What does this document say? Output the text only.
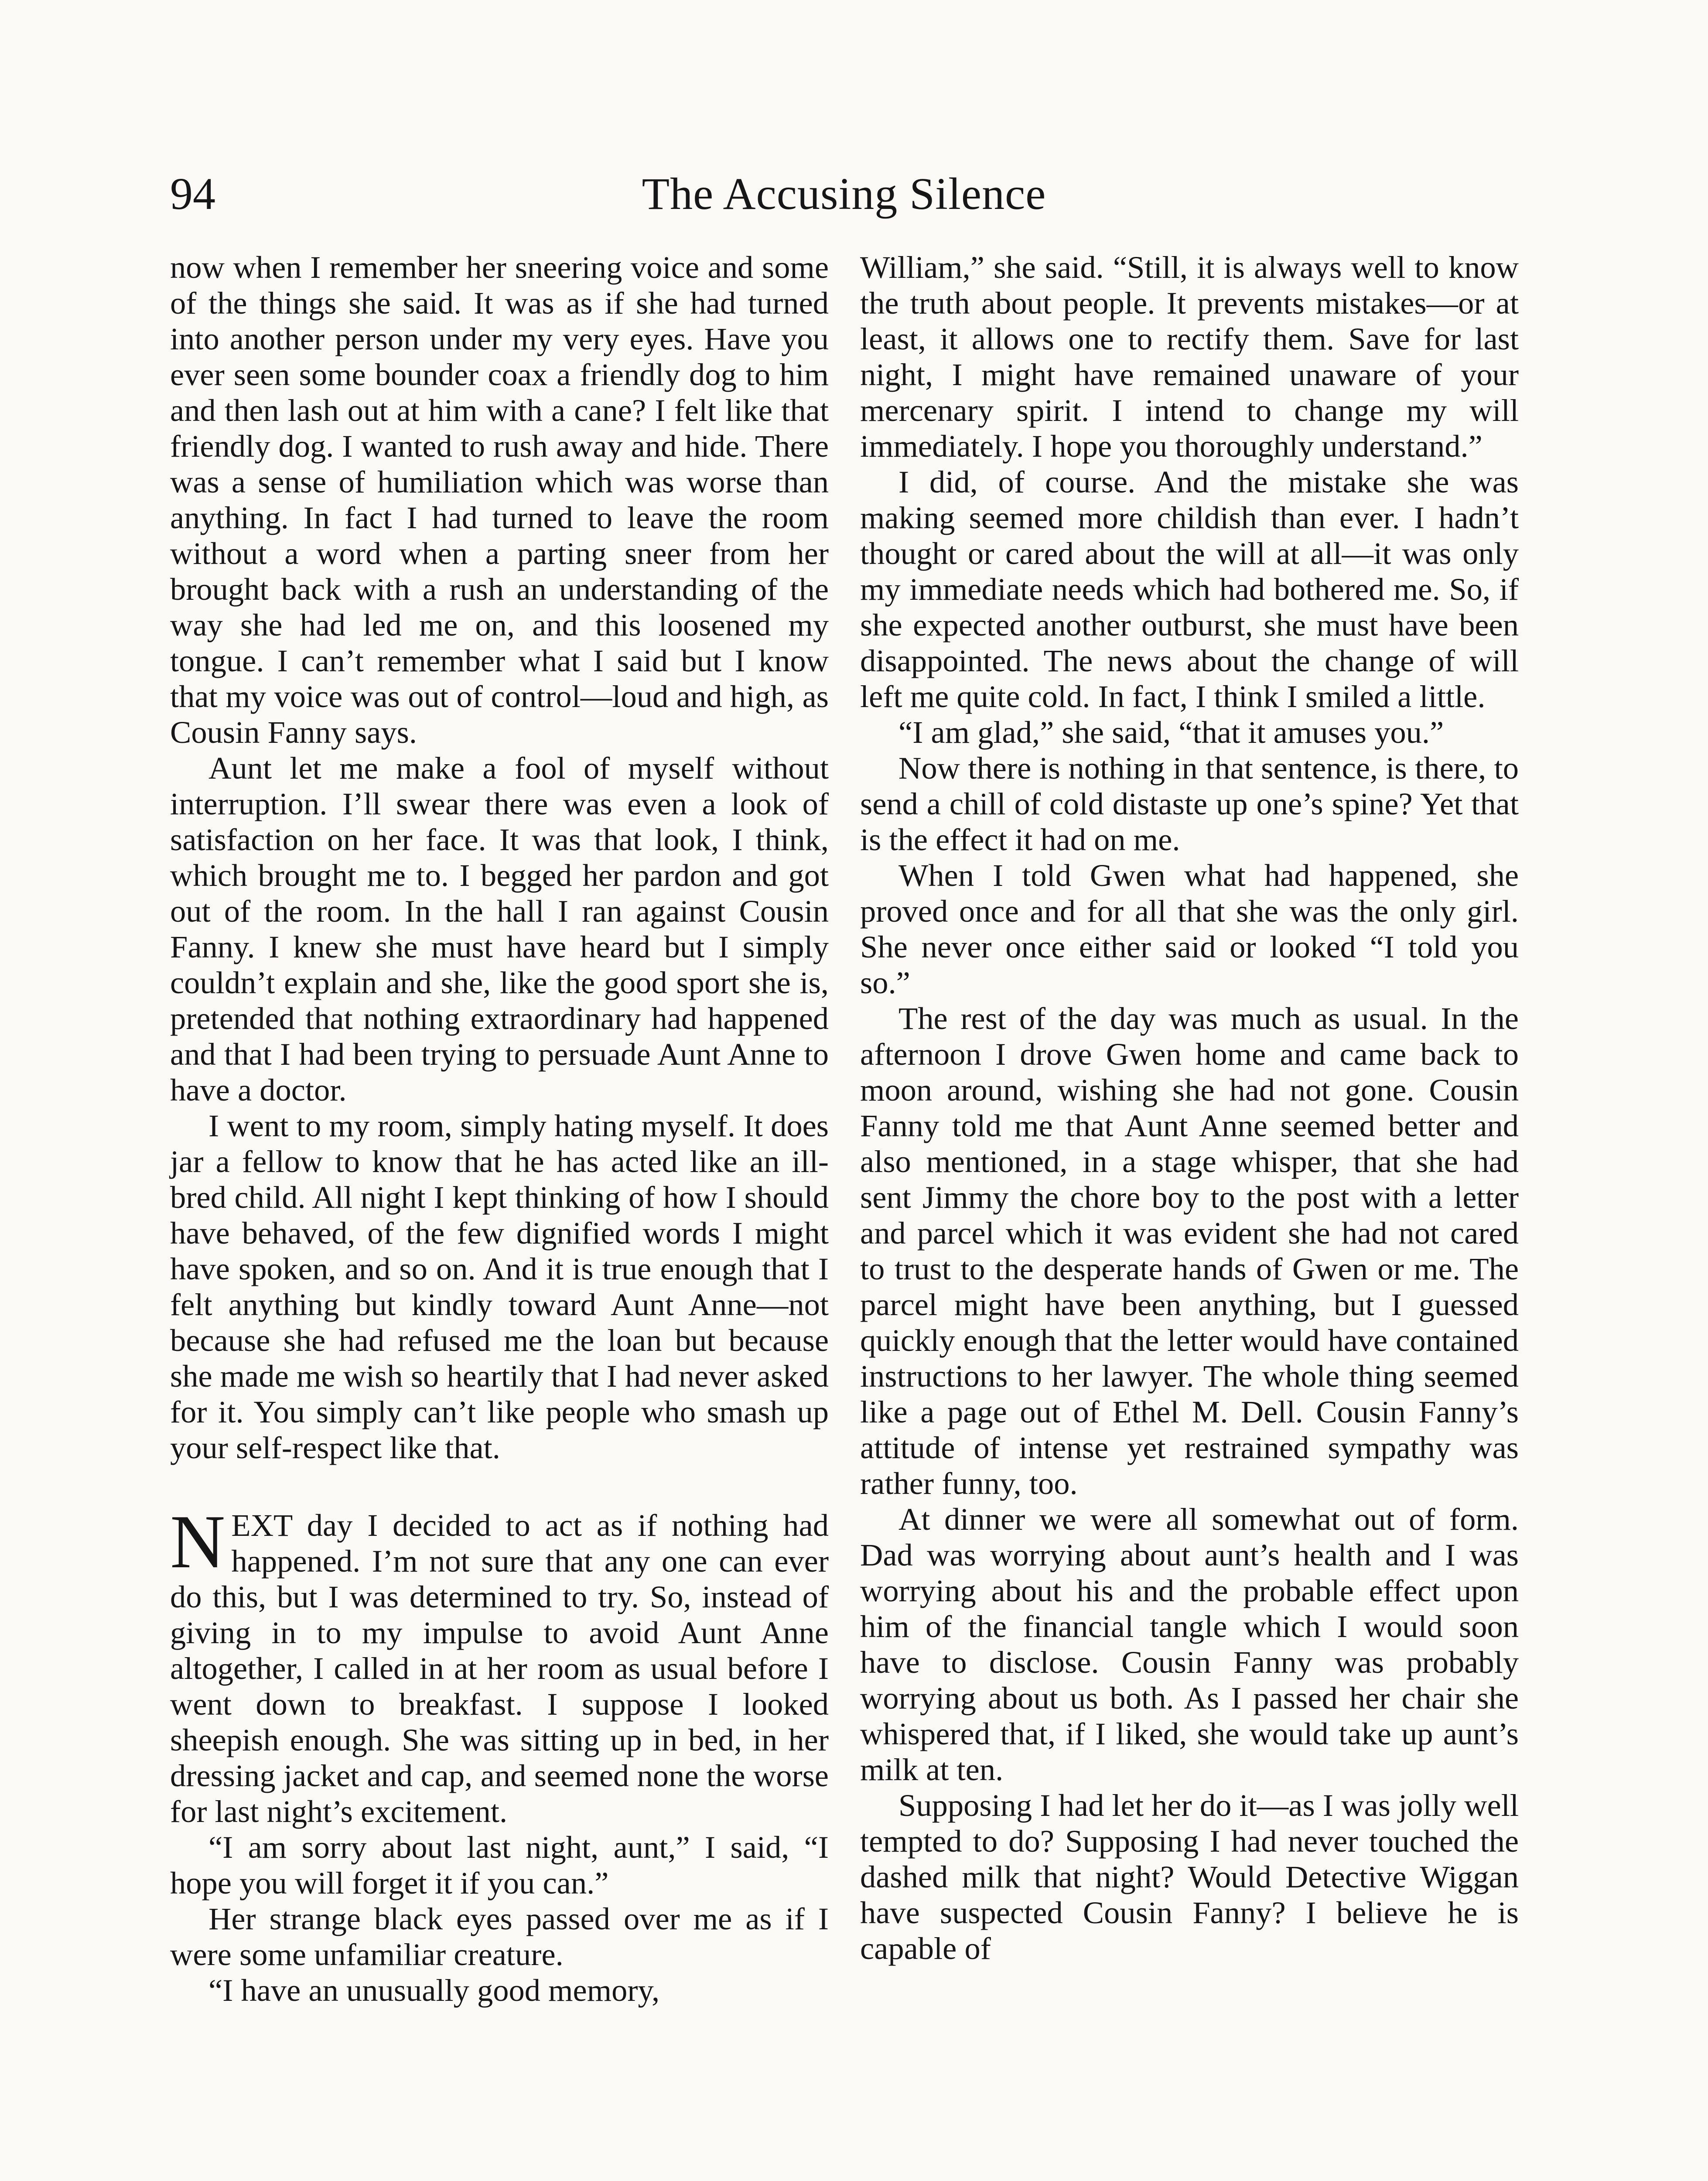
94	The Accusing Silence

now when I remember her sneering voice and some of the things she said. It was as if she had turned into another person under my very eyes. Have you ever seen some bounder coax a friendly dog to him and then lash out at him with a cane? I felt like that friendly dog. I wanted to rush away and hide. There was a sense of humiliation which was worse than anything. In fact I had turned to leave the room without a word when a parting sneer from her brought back with a rush an understanding of the way she had led me on, and this loosened my tongue. I can’t remember what I said but I know that my voice was out of control—loud and high, as Cousin Fanny says.

Aunt let me make a fool of myself without interruption. I’ll swear there was even a look of satisfaction on her face. It was that look, I think, which brought me to. I begged her pardon and got out of the room. In the hall I ran against Cousin Fanny. I knew she must have heard but I simply couldn’t explain and she, like the good sport she is, pretended that nothing extraordinary had happened and that I had been trying to persuade Aunt Anne to have a doctor.

I went to my room, simply hating myself. It does jar a fellow to know that he has acted like an ill-bred child. All night I kept thinking of how I should have behaved, of the few dignified words I might have spoken, and so on. And it is true enough that I felt anything but kindly toward Aunt Anne—not because she had refused me the loan but because she made me wish so heartily that I had never asked for it. You simply can’t like people who smash up your self-respect like that.

NEXT day I decided to act as if nothing had happened. I’m not sure that any one can ever do this, but I was determined to try. So, instead of giving in to my impulse to avoid Aunt Anne altogether, I called in at her room as usual before I went down to breakfast. I suppose I looked sheepish enough. She was sitting up in bed, in her dressing jacket and cap, and seemed none the worse for last night’s excitement.

“I am sorry about last night, aunt,” I said, “I hope you will forget it if you can.”

Her strange black eyes passed over me as if I were some unfamiliar creature.

“I have an unusually good memory,

William,” she said. “Still, it is always well to know the truth about people. It prevents mistakes—or at least, it allows one to rectify them. Save for last night, I might have remained unaware of your mercenary spirit. I intend to change my will immediately. I hope you thoroughly understand.”

I did, of course. And the mistake she was making seemed more childish than ever. I hadn’t thought or cared about the will at all—it was only my immediate needs which had bothered me. So, if she expected another outburst, she must have been disappointed. The news about the change of will left me quite cold. In fact, I think I smiled a little.

“I am glad,” she said, “that it amuses you.”

Now there is nothing in that sentence, is there, to send a chill of cold distaste up one’s spine? Yet that is the effect it had on me.

When I told Gwen what had happened, she proved once and for all that she was the only girl. She never once either said or looked “I told you so.”

The rest of the day was much as usual. In the afternoon I drove Gwen home and came back to moon around, wishing she had not gone. Cousin Fanny told me that Aunt Anne seemed better and also mentioned, in a stage whisper, that she had sent Jimmy the chore boy to the post with a letter and parcel which it was evident she had not cared to trust to the desperate hands of Gwen or me. The parcel might have been anything, but I guessed quickly enough that the letter would have contained instructions to her lawyer. The whole thing seemed like a page out of Ethel M. Dell. Cousin Fanny’s attitude of intense yet restrained sympathy was rather funny, too.

At dinner we were all somewhat out of form. Dad was worrying about aunt’s health and I was worrying about his and the probable effect upon him of the financial tangle which I would soon have to disclose. Cousin Fanny was probably worrying about us both. As I passed her chair she whispered that, if I liked, she would take up aunt’s milk at ten.

Supposing I had let her do it—as I was jolly well tempted to do? Supposing I had never touched the dashed milk that night? Would Detective Wiggan have suspected Cousin Fanny? I believe he is capable of
